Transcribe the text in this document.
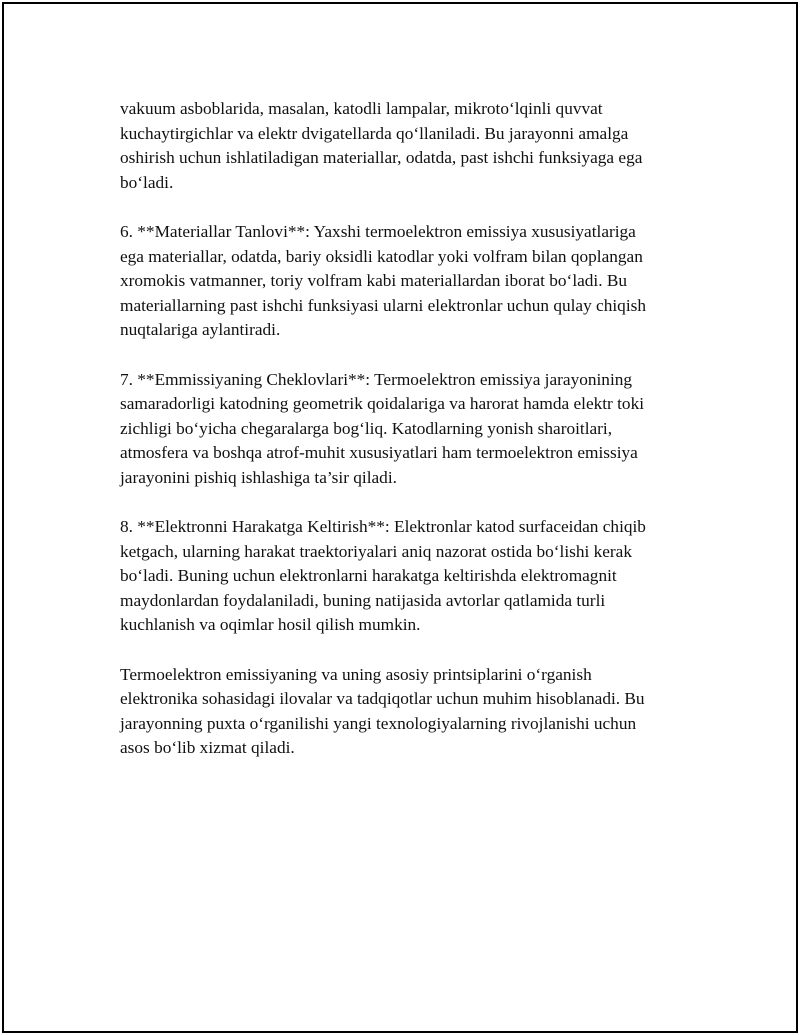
vakuum asboblarida, masalan, katodli lampalar, mikroto‘lqinli quvvat
kuchaytirgichlar va elektr dvigatellarda qo‘llaniladi. Bu jarayonni amalga
oshirish uchun ishlatiladigan materiallar, odatda, past ishchi funksiyaga ega
bo‘ladi.

6. **Materiallar Tanlovi**: Yaxshi termoelektron emissiya xususiyatlariga
ega materiallar, odatda, bariy oksidli katodlar yoki volfram bilan qoplangan
xromokis vatmanner, toriy volfram kabi materiallardan iborat bo‘ladi. Bu
materiallarning past ishchi funksiyasi ularni elektronlar uchun qulay chiqish
nuqtalariga aylantiradi.

7. **Emmissiyaning Cheklovlari**: Termoelektron emissiya jarayonining
samaradorligi katodning geometrik qoidalariga va harorat hamda elektr toki
zichligi bo‘yicha chegaralarga bog‘liq. Katodlarning yonish sharoitlari,
atmosfera va boshqa atrof-muhit xususiyatlari ham termoelektron emissiya
jarayonini pishiq ishlashiga ta’sir qiladi.

8. **Elektronni Harakatga Keltirish**: Elektronlar katod surfaceidan chiqib
ketgach, ularning harakat traektoriyalari aniq nazorat ostida bo‘lishi kerak
bo‘ladi. Buning uchun elektronlarni harakatga keltirishda elektromagnit
maydonlardan foydalaniladi, buning natijasida avtorlar qatlamida turli
kuchlanish va oqimlar hosil qilish mumkin.

Termoelektron emissiyaning va uning asosiy printsiplarini o‘rganish
elektronika sohasidagi ilovalar va tadqiqotlar uchun muhim hisoblanadi. Bu
jarayonning puxta o‘rganilishi yangi texnologiyalarning rivojlanishi uchun
asos bo‘lib xizmat qiladi.
